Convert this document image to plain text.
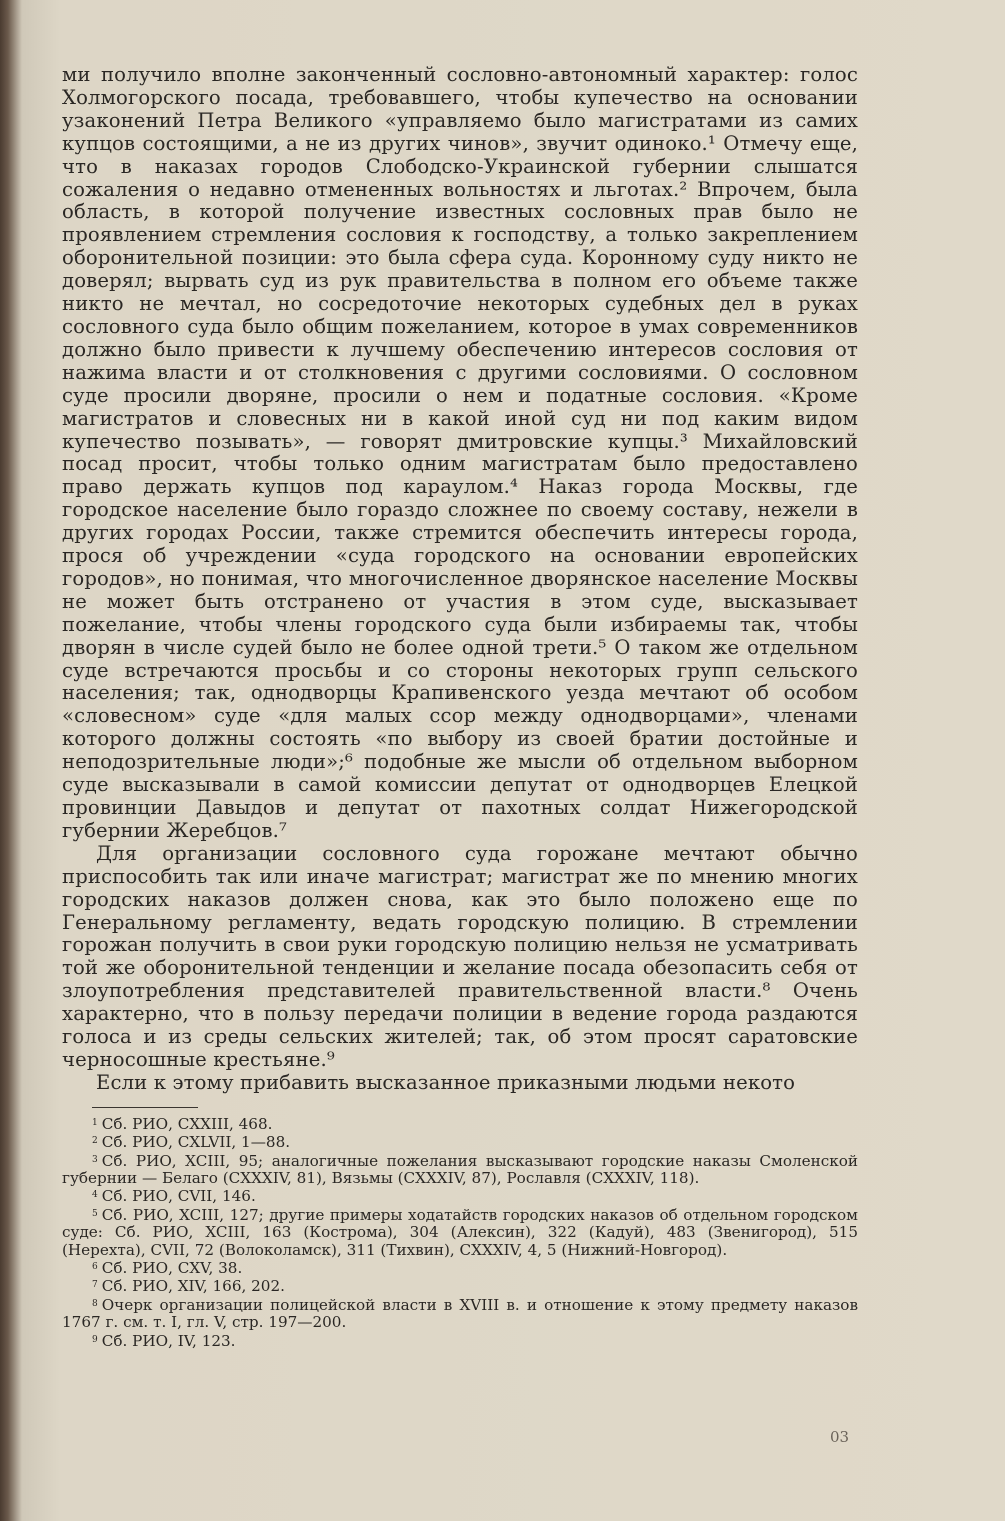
ми получило вполне законченный сословно-автономный характер: голос Холмогорского посада, требовавшего, чтобы купечество на основании узаконений Петра Великого «управляемо было магистратами из самих купцов состоящими, а не из других чинов», звучит одиноко.¹ Отмечу еще, что в наказах городов Слободско-Украинской губернии слышатся сожаления о недавно отмененных вольностях и льготах.² Впрочем, была область, в которой получение известных сословных прав было не проявлением стремления сословия к господству, а только закреплением оборонительной позиции: это была сфера суда. Коронному суду никто не доверял; вырвать суд из рук правительства в полном его объеме также никто не мечтал, но сосредоточие некоторых судебных дел в руках сословного суда было общим пожеланием, которое в умах современников должно было привести к лучшему обеспечению интересов сословия от нажима власти и от столкновения с другими сословиями. О сословном суде просили дворяне, просили о нем и податные сословия. «Кроме магистратов и словесных ни в какой иной суд ни под каким видом купечество позывать», — говорят дмитровские купцы.³ Михайловский посад просит, чтобы только одним магистратам было предоставлено право держать купцов под караулом.⁴ Наказ города Москвы, где городское население было гораздо сложнее по своему составу, нежели в других городах России, также стремится обеспечить интересы города, прося об учреждении «суда городского на основании европейских городов», но понимая, что многочисленное дворянское население Москвы не может быть отстранено от участия в этом суде, высказывает пожелание, чтобы члены городского суда были избираемы так, чтобы дворян в числе судей было не более одной трети.⁵ О таком же отдельном суде встречаются просьбы и со стороны некоторых групп сельского населения; так, однодворцы Крапивенского уезда мечтают об особом «словесном» суде «для малых ссор между однодворцами», членами которого должны состоять «по выбору из своей братии достойные и неподозрительные люди»;⁶ подобные же мысли об отдельном выборном суде высказывали в самой комиссии депутат от однодворцев Елецкой провинции Давыдов и депутат от пахотных солдат Нижегородской губернии Жеребцов.⁷

Для организации сословного суда горожане мечтают обычно приспособить так или иначе магистрат; магистрат же по мнению многих городских наказов должен снова, как это было положено еще по Генеральному регламенту, ведать городскую полицию. В стремлении горожан получить в свои руки городскую полицию нельзя не усматривать той же оборонительной тенденции и желание посада обезопасить себя от злоупотребления представителей правительственной власти.⁸ Очень характерно, что в пользу передачи полиции в ведение города раздаются голоса и из среды сельских жителей; так, об этом просят саратовские черносошные крестьяне.⁹

Если к этому прибавить высказанное приказными людьми некото

$^1$ Сб. РИО, CXXIII, 468.

$^2$ Сб. РИО, CXLVII, 1—88.

$^3$ Сб. РИО, XCIII, 95; аналогичные пожелания высказывают городские наказы Смоленской губернии — Белаго (CXXXIV, 81), Вязьмы (CXXXIV, 87), Рославля (CXXXIV, 118).

$^4$ Сб. РИО, CVII, 146.

$^5$ Сб. РИО, XCIII, 127; другие примеры ходатайств городских наказов об отдельном городском суде: Сб. РИО, XCIII, 163 (Кострома), 304 (Алексин), 322 (Кадуй), 483 (Звенигород), 515 (Нерехта), CVII, 72 (Волоколамск), 311 (Тихвин), CXXXIV, 4, 5 (Нижний-Новгород).

$^6$ Сб. РИО, CXV, 38.

$^7$ Сб. РИО, XIV, 166, 202.

$^8$ Очерк организации полицейской власти в XVIII в. и отношение к этому предмету наказов 1767 г. см. т. I, гл. V, стр. 197—200.

$^9$ Сб. РИО, IV, 123.

03
